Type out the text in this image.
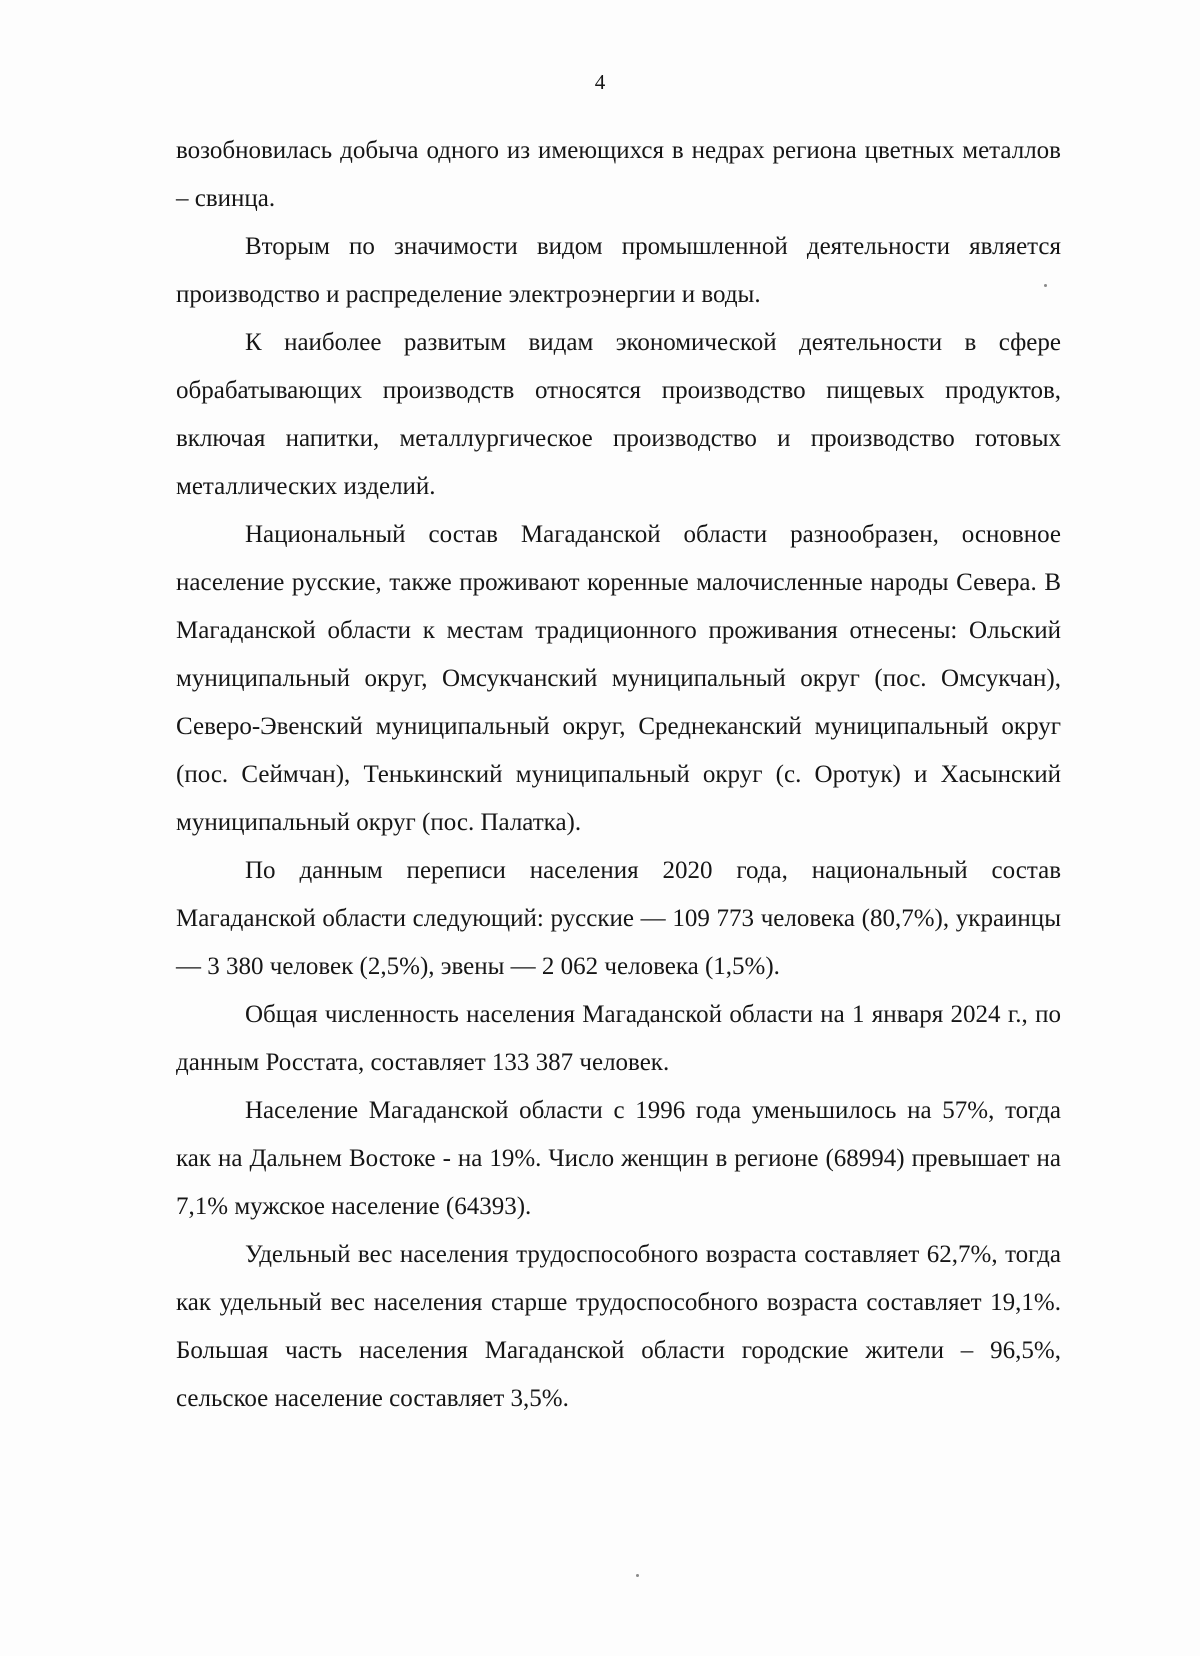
4

возобновилась добыча одного из имеющихся в недрах региона цветных металлов – свинца.

Вторым по значимости видом промышленной деятельности является производство и распределение электроэнергии и воды.

К наиболее развитым видам экономической деятельности в сфере обрабатывающих производств относятся производство пищевых продуктов, включая напитки, металлургическое производство и производство готовых металлических изделий.

Национальный состав Магаданской области разнообразен, основное население русские, также проживают коренные малочисленные народы Севера. В Магаданской области к местам традиционного проживания отнесены: Ольский муниципальный округ, Омсукчанский муниципальный округ (пос. Омсукчан), Северо-Эвенский муниципальный округ, Среднеканский муниципальный округ (пос. Сеймчан), Тенькинский муниципальный округ (с. Оротук) и Хасынский муниципальный округ (пос. Палатка).

По данным переписи населения 2020 года, национальный состав Магаданской области следующий: русские — 109 773 человека (80,7%), украинцы — 3 380 человек (2,5%), эвены — 2 062 человека (1,5%).

Общая численность населения Магаданской области на 1 января 2024 г., по данным Росстата, составляет 133 387 человек.

Население Магаданской области с 1996 года уменьшилось на 57%, тогда как на Дальнем Востоке - на 19%. Число женщин в регионе (68994) превышает на 7,1% мужское население (64393).

Удельный вес населения трудоспособного возраста составляет 62,7%, тогда как удельный вес населения старше трудоспособного возраста составляет 19,1%. Большая часть населения Магаданской области городские жители – 96,5%, сельское население составляет 3,5%.
